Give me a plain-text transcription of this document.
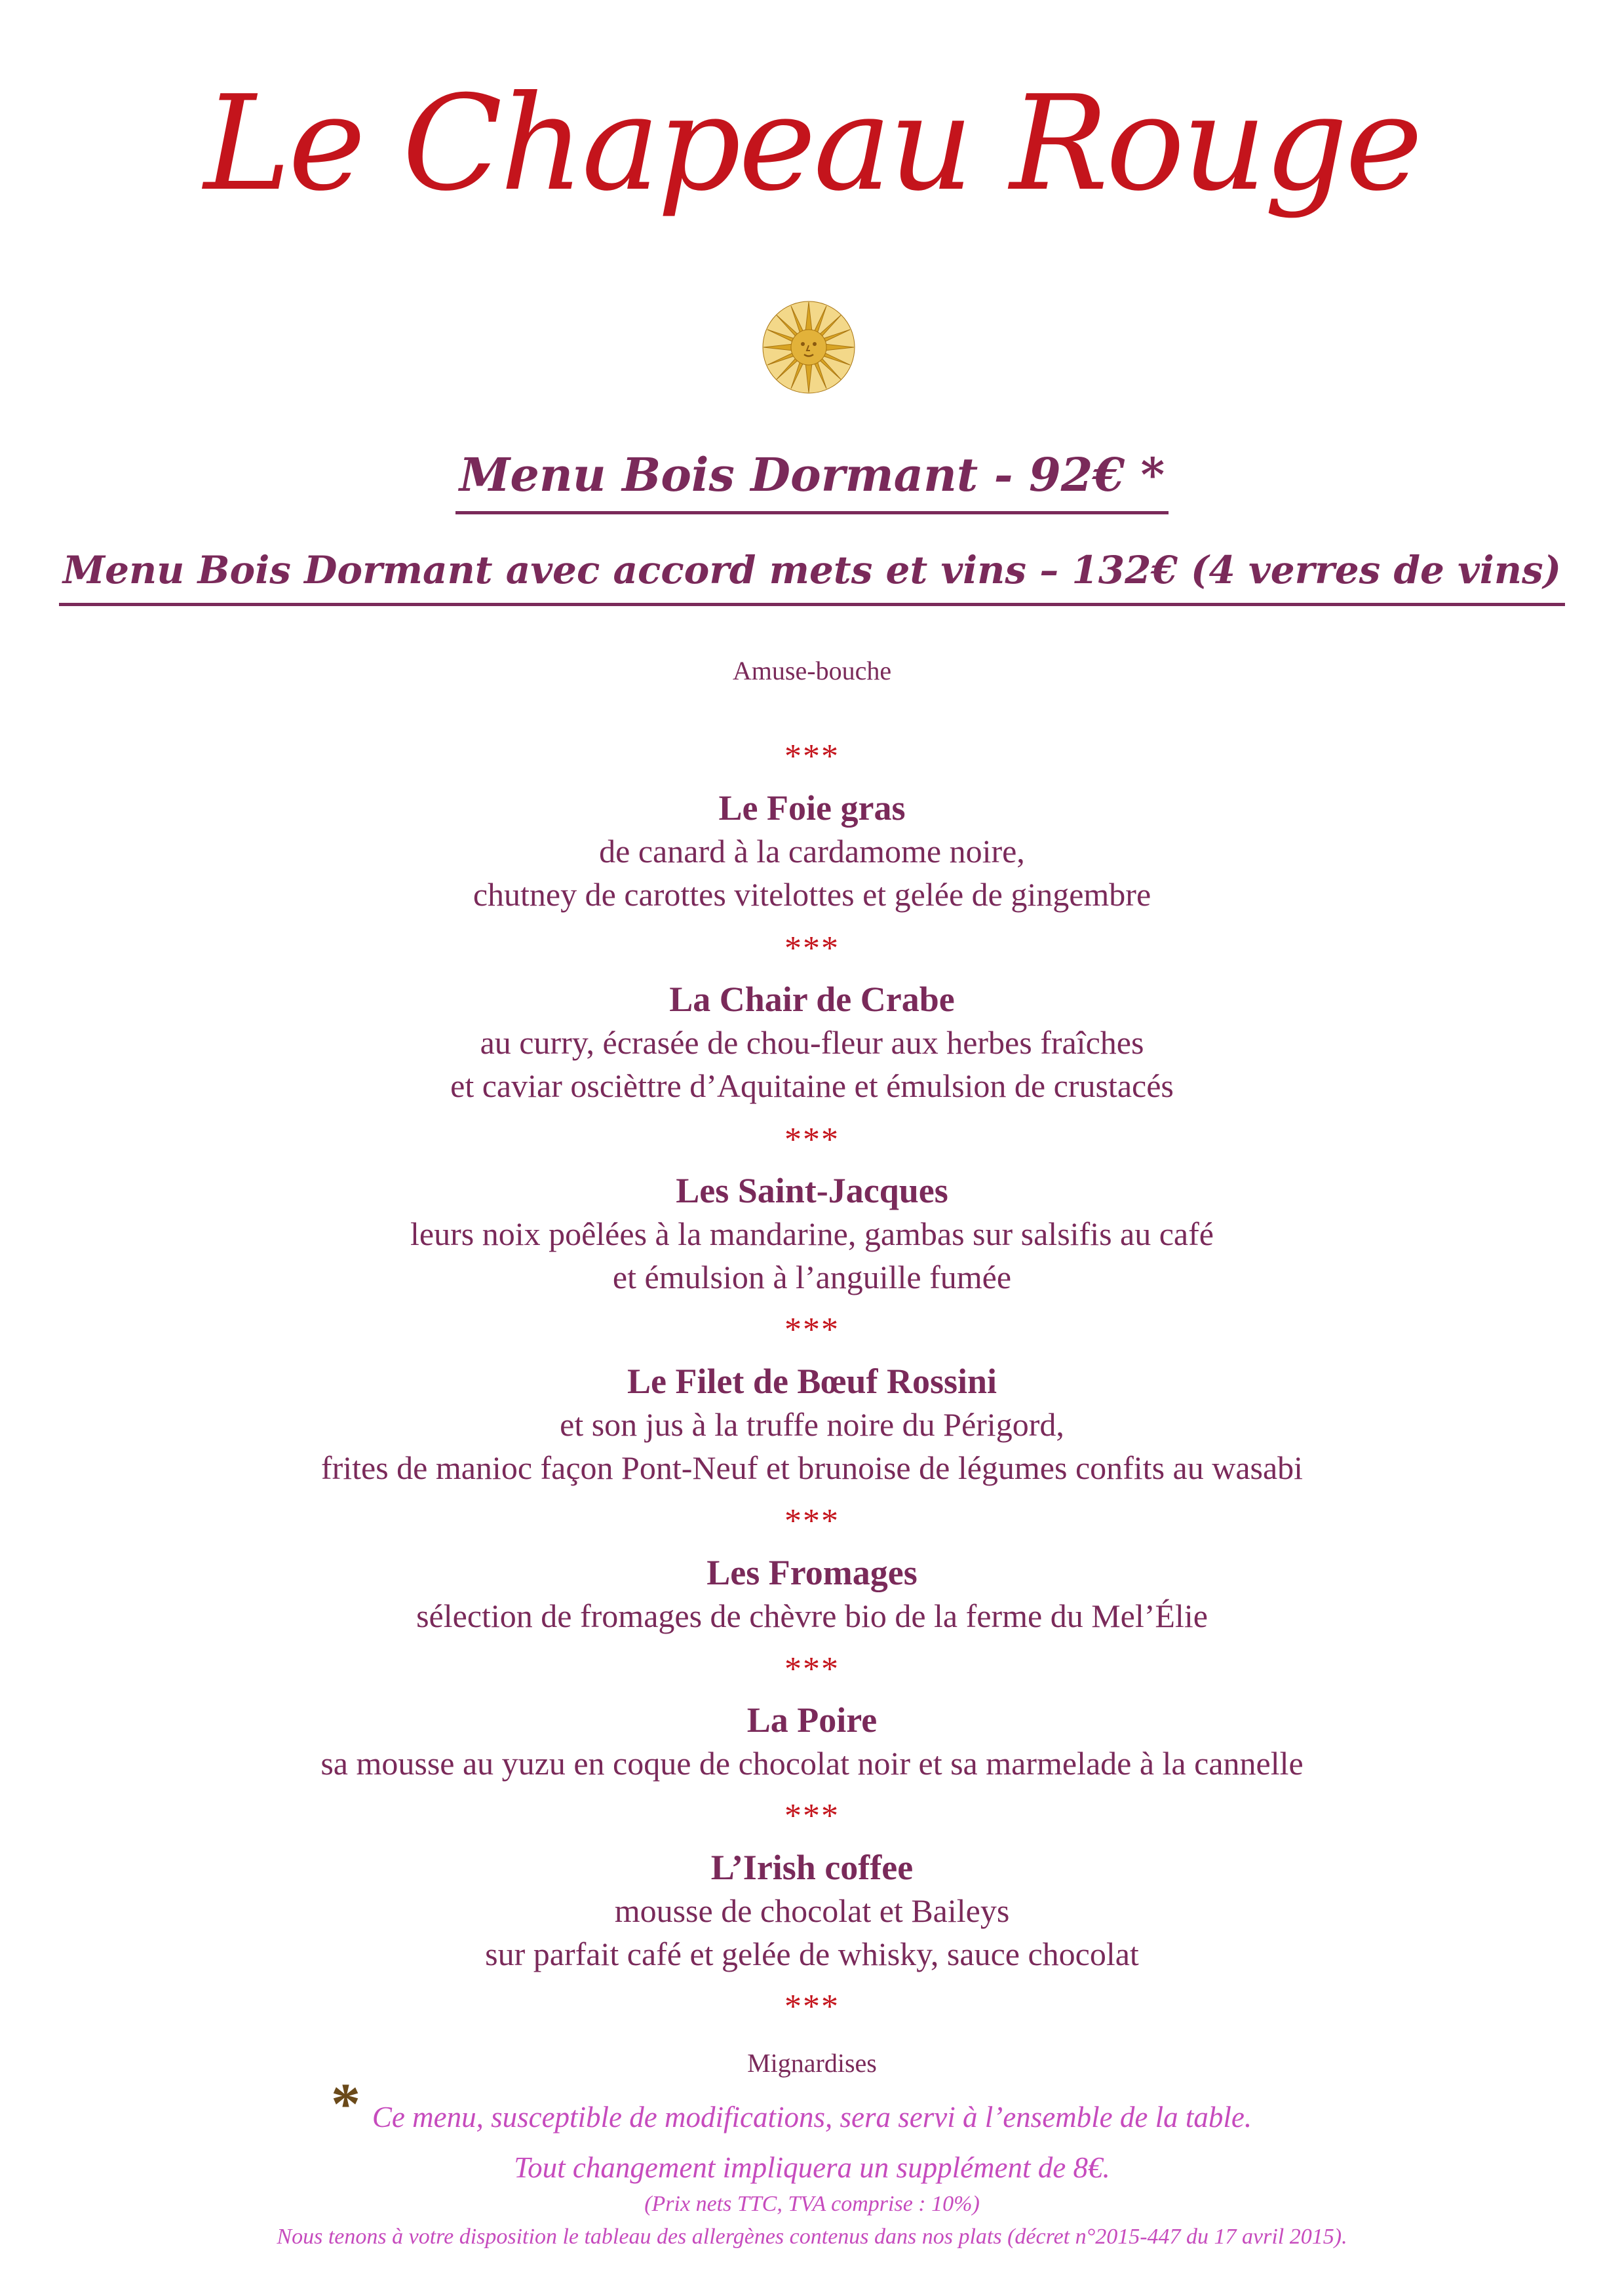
Le Chapeau Rouge
Menu Bois Dormant - 92€ *
Menu Bois Dormant avec accord mets et vins – 132€ (4 verres de vins)
Amuse-bouche
***
Le Foie gras
de canard à la cardamome noire,
chutney de carottes vitelottes et gelée de gingembre
***
La Chair de Crabe
au curry, écrasée de chou-fleur aux herbes fraîches
et caviar oscièttre d’Aquitaine et émulsion de crustacés
***
Les Saint-Jacques
leurs noix poêlées à la mandarine, gambas sur salsifis au café
et émulsion à l’anguille fumée
***
Le Filet de Bœuf Rossini
et son jus à la truffe noire du Périgord,
frites de manioc façon Pont-Neuf et brunoise de légumes confits au wasabi
***
Les Fromages
sélection de fromages de chèvre bio de la ferme du Mel’Élie
***
La Poire
sa mousse au yuzu en coque de chocolat noir et sa marmelade à la cannelle
***
L’Irish coffee
mousse de chocolat et Baileys
sur parfait café et gelée de whisky, sauce chocolat
***
Mignardises
* Ce menu, susceptible de modifications, sera servi à l’ensemble de la table.
Tout changement impliquera un supplément de 8€.
(Prix nets TTC, TVA comprise : 10%)
Nous tenons à votre disposition le tableau des allergènes contenus dans nos plats (décret n°2015-447 du 17 avril 2015).
